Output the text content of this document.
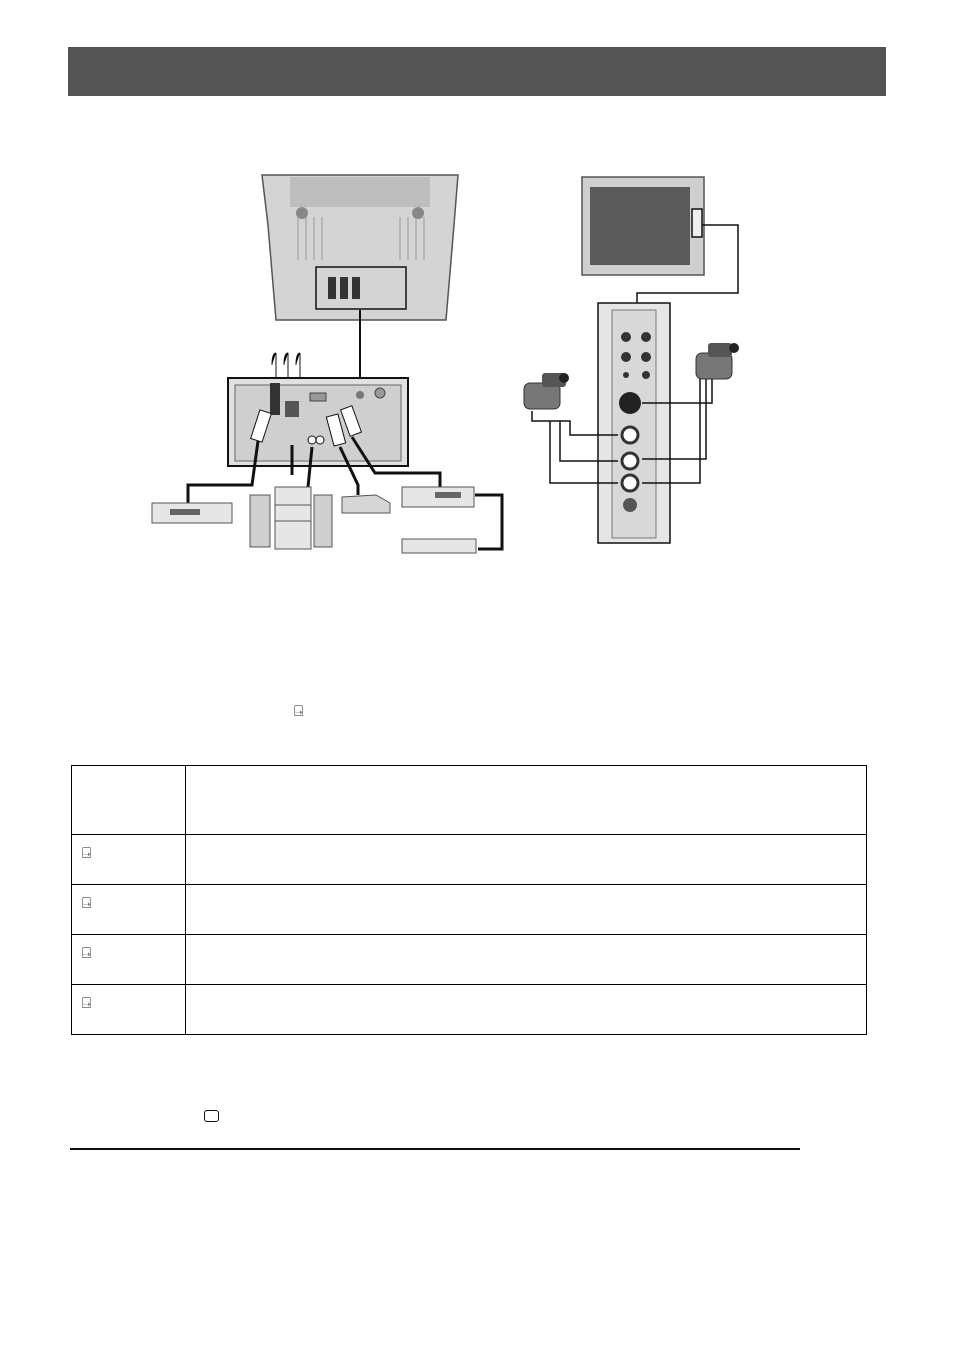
⍈

⍈	

⍈	

⍈	

⍈	
